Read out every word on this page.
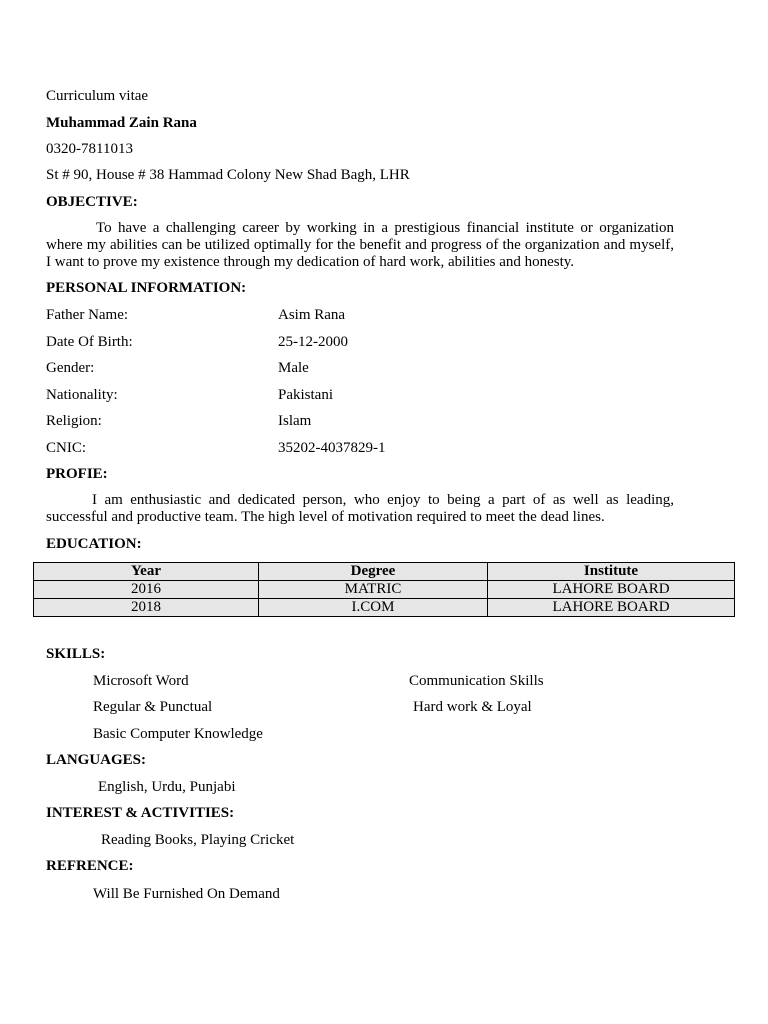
Curriculum vitae
Muhammad Zain Rana
0320-7811013
St # 90, House # 38 Hammad Colony New Shad Bagh, LHR
OBJECTIVE:
To have a challenging career by working in a prestigious financial institute or organization where my abilities can be utilized optimally for the benefit and progress of the organization and myself, I want to prove my existence through my dedication of hard work, abilities and honesty.
PERSONAL INFORMATION:
Father Name:	Asim Rana
Date Of Birth:	25-12-2000
Gender:	Male
Nationality:	Pakistani
Religion:	Islam
CNIC:	35202-4037829-1
PROFIE:
I am enthusiastic and dedicated person, who enjoy to being a part of as well as leading, successful and productive team. The high level of motivation required to meet the dead lines.
EDUCATION:
Year	Degree	Institute
2016	MATRIC	LAHORE BOARD
2018	I.COM	LAHORE BOARD
SKILLS:
Microsoft Word	Communication Skills
Regular & Punctual	Hard work & Loyal
Basic Computer Knowledge
LANGUAGES:
English, Urdu, Punjabi
INTEREST & ACTIVITIES:
Reading Books, Playing Cricket
REFRENCE:
Will Be Furnished On Demand
